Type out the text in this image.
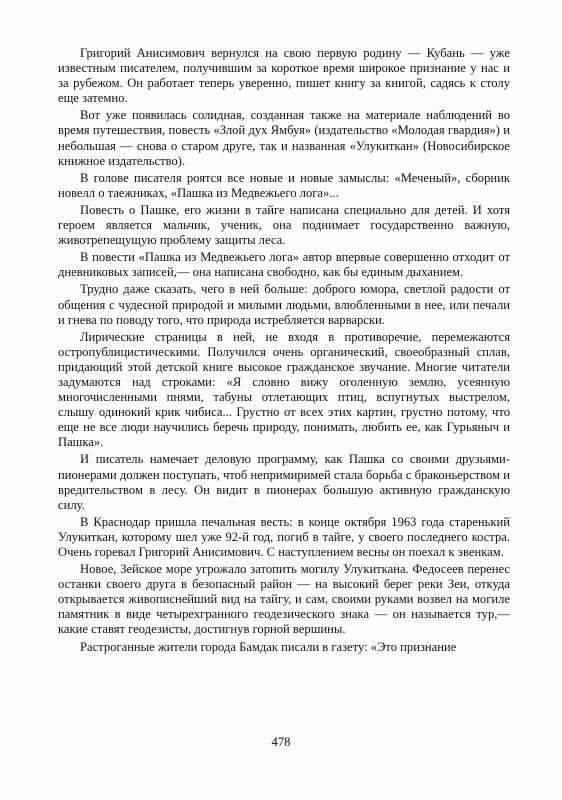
Григорий Анисимович вернулся на свою первую родину — Кубань — уже известным писателем, получившим за короткое время широкое признание у нас и за рубежом. Он работает теперь уверенно, пишет книгу за книгой, садясь к столу еще затемно.

Вот уже появилась солидная, созданная также на материале наблюдений во время путешествия, повесть «Злой дух Ямбуя» (издательство «Молодая гвардия») и небольшая — снова о старом друге, так и названная «Улукиткан» (Новосибирское книжное издательство).

В голове писателя роятся все новые и новые замыслы: «Меченый», сборник новелл о таежниках, «Пашка из Медвежьего лога»...

Повесть о Пашке, его жизни в тайге написана специально для детей. И хотя героем является мальчик, ученик, она поднимает государственно важную, животрепещущую проблему защиты леса.

В повести «Пашка из Медвежьего лога» автор впервые совершенно отходит от дневниковых записей,— она написана свободно, как бы единым дыханием.

Трудно даже сказать, чего в ней больше: доброго юмора, светлой радости от общения с чудесной природой и милыми людьми, влюбленными в нее, или печали и гнева по поводу того, что природа истребляется варварски.

Лирические страницы в ней, не входя в противоречие, перемежаются остропублицистическими. Получился очень органический, своеобразный сплав, придающий этой детской книге высокое гражданское звучание. Многие читатели задумаются над строками: «Я словно вижу оголенную землю, усеянную многочисленными пнями, табуны отлетающих птиц, вспугнутых выстрелом, слышу одинокий крик чибиса... Грустно от всех этих картин, грустно потому, что еще не все люди научились беречь природу, понимать, любить ее, как Гурьяныч и Пашка».

И писатель намечает деловую программу, как Пашка со своими друзьями-пионерами должен поступать, чтоб непримиримей стала борьба с браконьерством и вредительством в лесу. Он видит в пионерах большую активную гражданскую силу.

В Краснодар пришла печальная весть: в конце октября 1963 года старенький Улукиткан, которому шел уже 92-й год, погиб в тайге, у своего последнего костра. Очень горевал Григорий Анисимович. С наступлением весны он поехал к эвенкам.

Новое, Зейское море угрожало затопить могилу Улукиткана. Федосеев перенес останки своего друга в безопасный район — на высокий берег реки Зеи, откуда открывается живописнейший вид на тайгу, и сам, своими руками возвел на могиле памятник в виде четырехгранного геодезического знака — он называется тур,— какие ставят геодезисты, достигнув горной вершины.

Растроганные жители города Бамдак писали в газету: «Это признание

478
